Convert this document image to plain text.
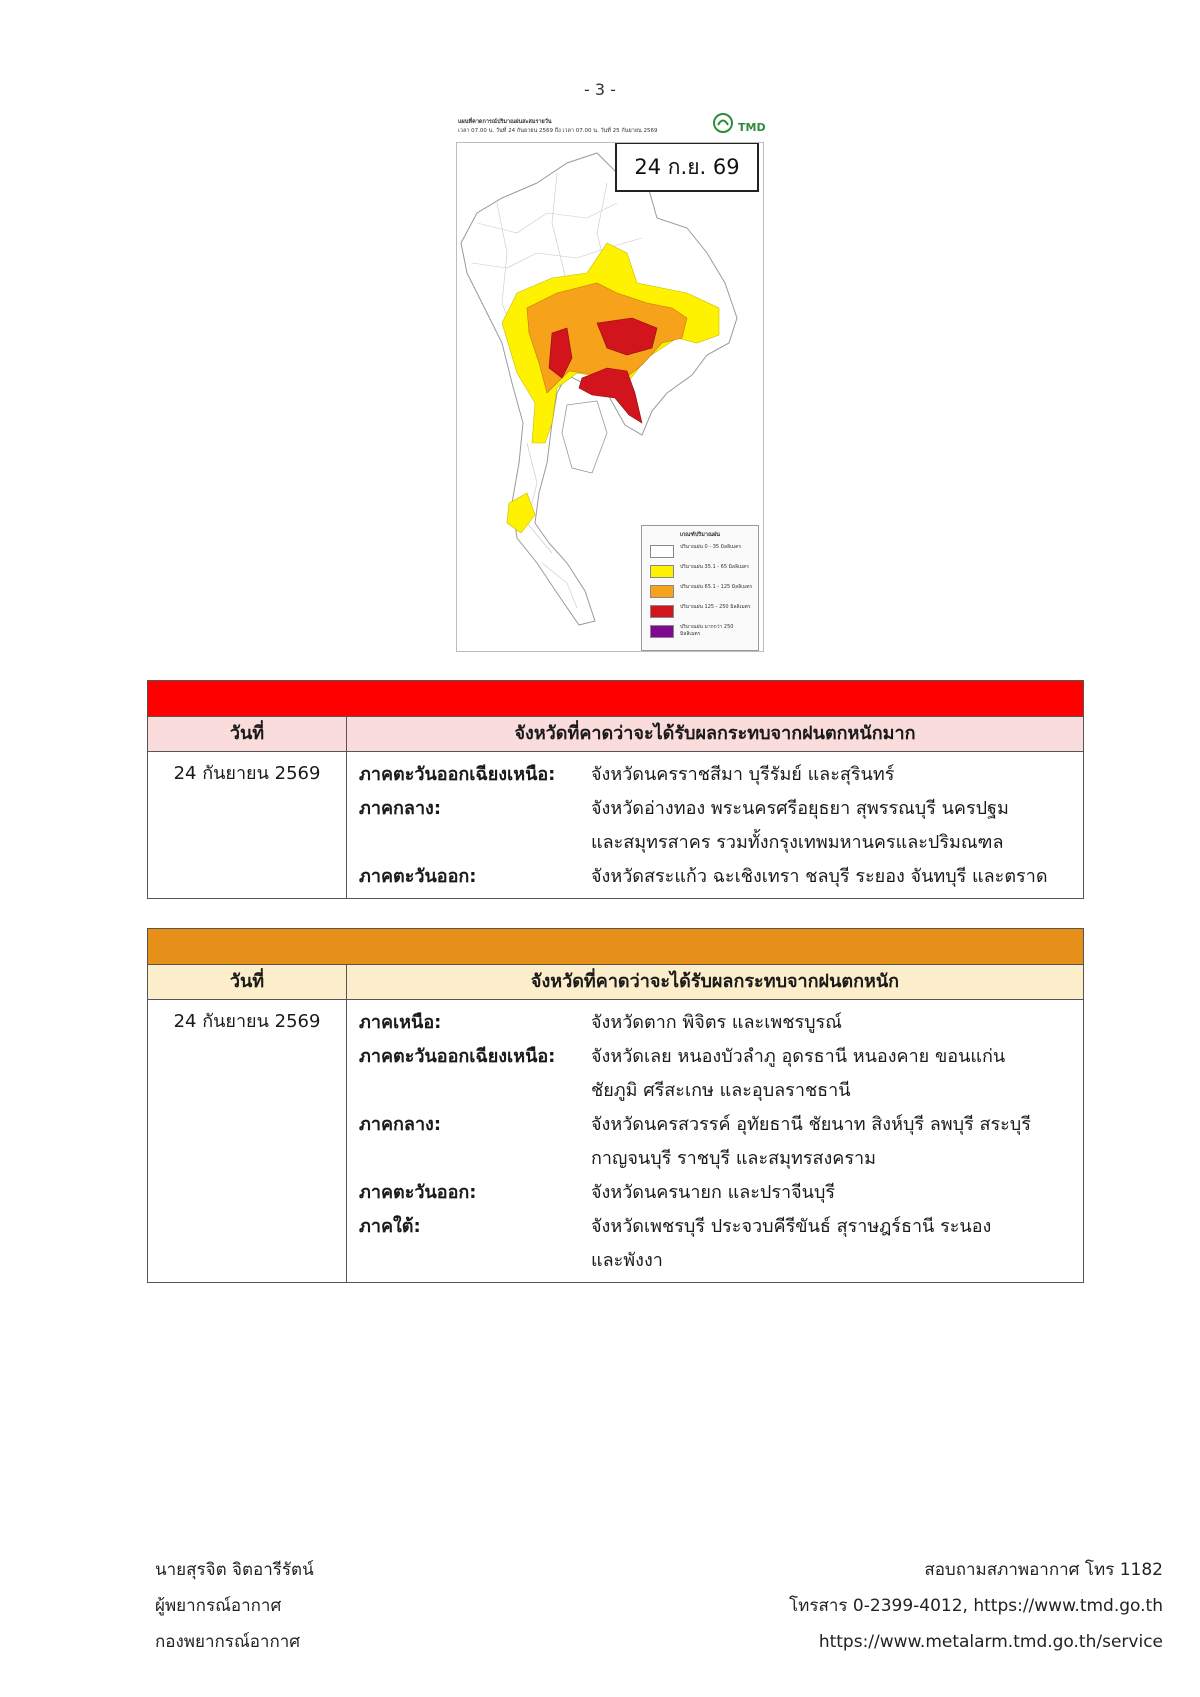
- 3 -
แผนที่คาดการณ์ปริมาณฝนสะสมรายวัน
เวลา 07.00 น. วันที่ 24 กันยายน 2569 ถึง เวลา 07.00 น. วันที่ 25 กันยายน 2569	TMD
24 ก.ย. 69
เกณฑ์ปริมาณฝน
ปริมาณฝน 0 - 35 มิลลิเมตร
ปริมาณฝน 35.1 - 65 มิลลิเมตร
ปริมาณฝน 65.1 - 125 มิลลิเมตร
ปริมาณฝน 125 - 250 มิลลิเมตร
ปริมาณฝน มากกว่า 250 มิลลิเมตร
วันที่	จังหวัดที่คาดว่าจะได้รับผลกระทบจากฝนตกหนักมาก
24 กันยายน 2569	ภาคตะวันออกเฉียงเหนือ:	จังหวัดนครราชสีมา บุรีรัมย์ และสุรินทร์
ภาคกลาง:	จังหวัดอ่างทอง พระนครศรีอยุธยา สุพรรณบุรี นครปฐม
และสมุทรสาคร รวมทั้งกรุงเทพมหานครและปริมณฑล
ภาคตะวันออก:	จังหวัดสระแก้ว ฉะเชิงเทรา ชลบุรี ระยอง จันทบุรี และตราด
วันที่	จังหวัดที่คาดว่าจะได้รับผลกระทบจากฝนตกหนัก
24 กันยายน 2569	ภาคเหนือ:	จังหวัดตาก พิจิตร และเพชรบูรณ์
ภาคตะวันออกเฉียงเหนือ:	จังหวัดเลย หนองบัวลำภู อุดรธานี หนองคาย ขอนแก่น
ชัยภูมิ ศรีสะเกษ และอุบลราชธานี
ภาคกลาง:	จังหวัดนครสวรรค์ อุทัยธานี ชัยนาท สิงห์บุรี ลพบุรี สระบุรี
กาญจนบุรี ราชบุรี และสมุทรสงคราม
ภาคตะวันออก:	จังหวัดนครนายก และปราจีนบุรี
ภาคใต้:	จังหวัดเพชรบุรี ประจวบคีรีขันธ์ สุราษฎร์ธานี ระนอง
และพังงา
นายสุรจิต จิตอารีรัตน์
ผู้พยากรณ์อากาศ
กองพยากรณ์อากาศ
สอบถามสภาพอากาศ โทร 1182
โทรสาร 0-2399-4012, https://www.tmd.go.th
https://www.metalarm.tmd.go.th/service
